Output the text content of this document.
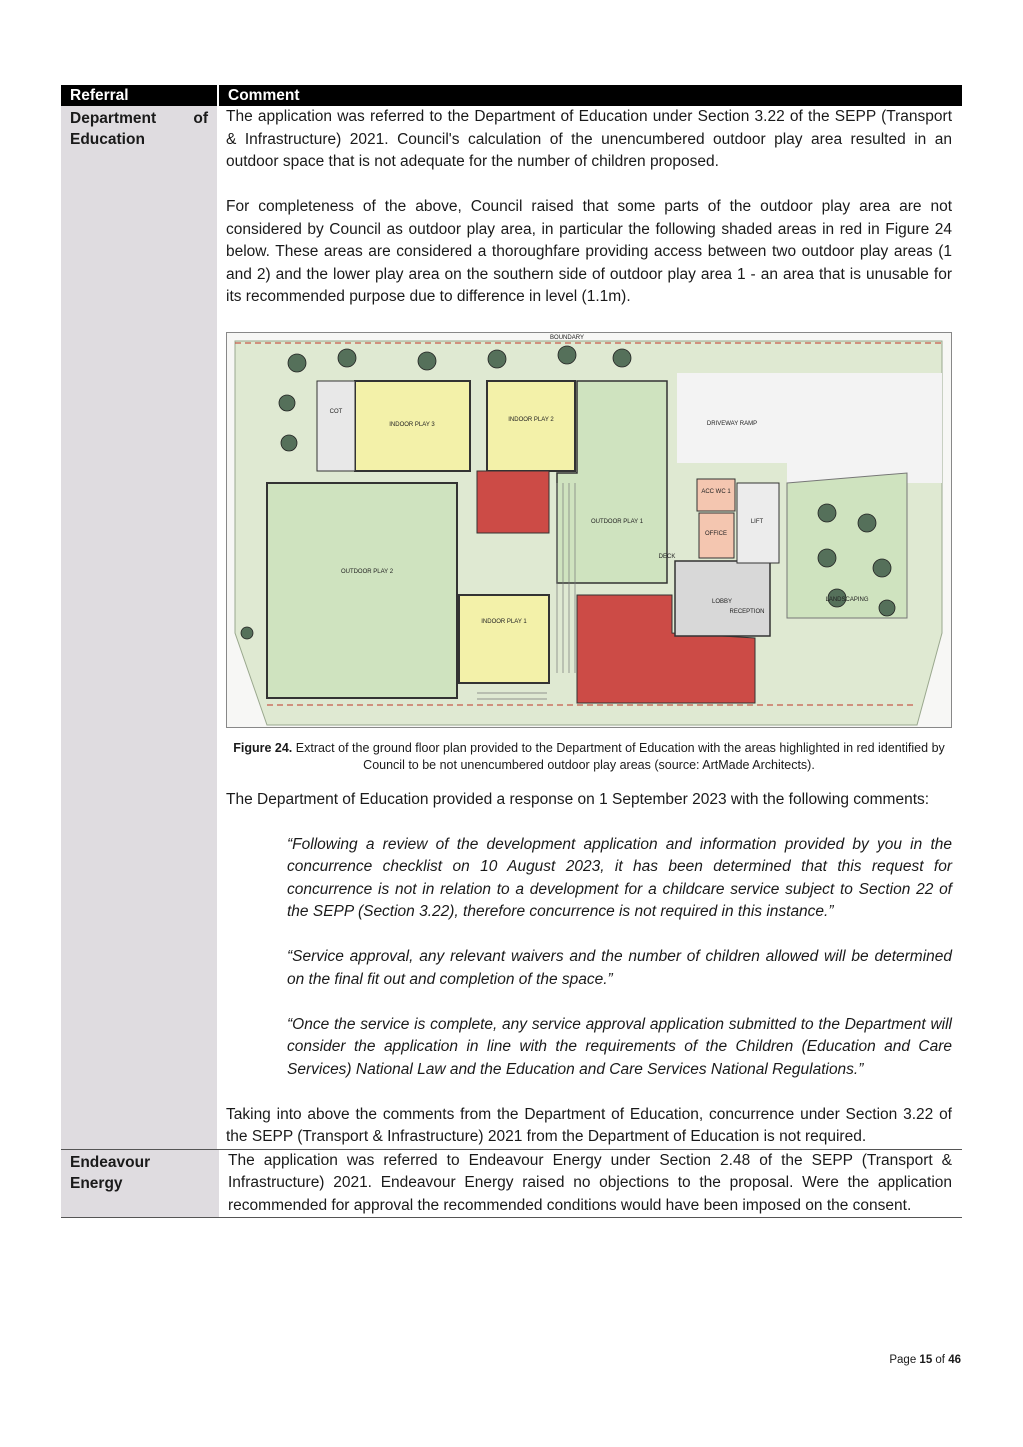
Referral	Comment
Department of
Education

The application was referred to the Department of Education under Section 3.22 of the SEPP (Transport & Infrastructure) 2021. Council's calculation of the unencumbered outdoor play area resulted in an outdoor space that is not adequate for the number of children proposed.

For completeness of the above, Council raised that some parts of the outdoor play area are not considered by Council as outdoor play area, in particular the following shaded areas in red in Figure 24 below. These areas are considered a thoroughfare providing access between two outdoor play areas (1 and 2) and the lower play area on the southern side of outdoor play area 1 - an area that is unusable for its recommended purpose due to difference in level (1.1m).

BOUNDARY
INDOOR PLAY 3
INDOOR PLAY 2
INDOOR PLAY 1
OUTDOOR PLAY 2
OUTDOOR PLAY 1
LOBBY
OFFICE
LIFT
RECEPTION
LANDSCAPING
DRIVEWAY RAMP
COT
DECK
ACC WC 1

Figure 24. Extract of the ground floor plan provided to the Department of Education with the areas highlighted in red identified by Council to be not unencumbered outdoor play areas (source: ArtMade Architects).

The Department of Education provided a response on 1 September 2023 with the following comments:

“Following a review of the development application and information provided by you in the concurrence checklist on 10 August 2023, it has been determined that this request for concurrence is not in relation to a development for a childcare service subject to Section 22 of the SEPP (Section 3.22), therefore concurrence is not required in this instance.”

“Service approval, any relevant waivers and the number of children allowed will be determined on the final fit out and completion of the space.”

“Once the service is complete, any service approval application submitted to the Department will consider the application in line with the requirements of the Children (Education and Care Services) National Law and the Education and Care Services National Regulations.”

Taking into above the comments from the Department of Education, concurrence under Section 3.22 of the SEPP (Transport & Infrastructure) 2021 from the Department of Education is not required.

Endeavour
Energy

The application was referred to Endeavour Energy under Section 2.48 of the SEPP (Transport & Infrastructure) 2021. Endeavour Energy raised no objections to the proposal. Were the application recommended for approval the recommended conditions would have been imposed on the consent.

Page 15 of 46
